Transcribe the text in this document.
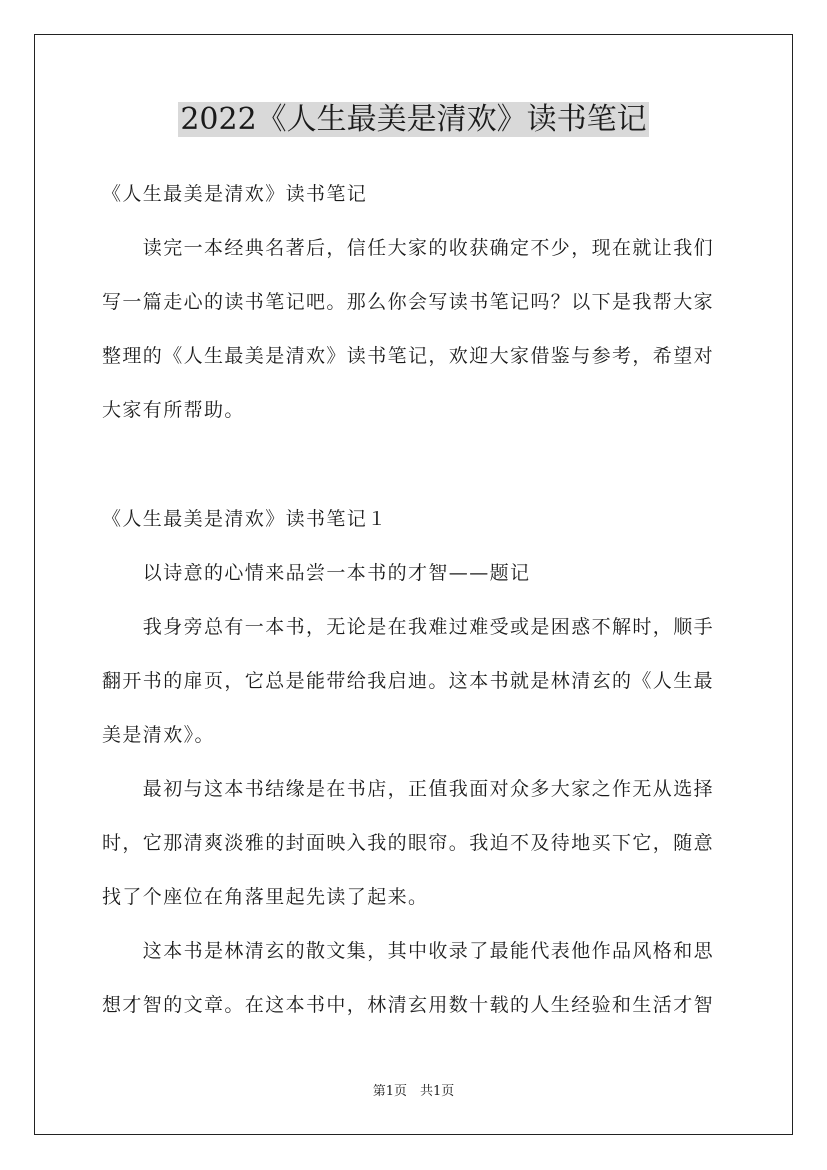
2022《人生最美是清欢》读书笔记
《人生最美是清欢》读书笔记
　　读完一本经典名著后，信任大家的收获确定不少，现在就让我们
写一篇走心的读书笔记吧。那么你会写读书笔记吗？以下是我帮大家
整理的《人生最美是清欢》读书笔记，欢迎大家借鉴与参考，希望对
大家有所帮助。
《人生最美是清欢》读书笔记１
　　以诗意的心情来品尝一本书的才智——题记
　　我身旁总有一本书，无论是在我难过难受或是困惑不解时，顺手
翻开书的扉页，它总是能带给我启迪。这本书就是林清玄的《人生最
美是清欢》。
　　最初与这本书结缘是在书店，正值我面对众多大家之作无从选择
时，它那清爽淡雅的封面映入我的眼帘。我迫不及待地买下它，随意
找了个座位在角落里起先读了起来。
　　这本书是林清玄的散文集，其中收录了最能代表他作品风格和思
想才智的文章。在这本书中，林清玄用数十载的人生经验和生活才智
第1页　共1页
